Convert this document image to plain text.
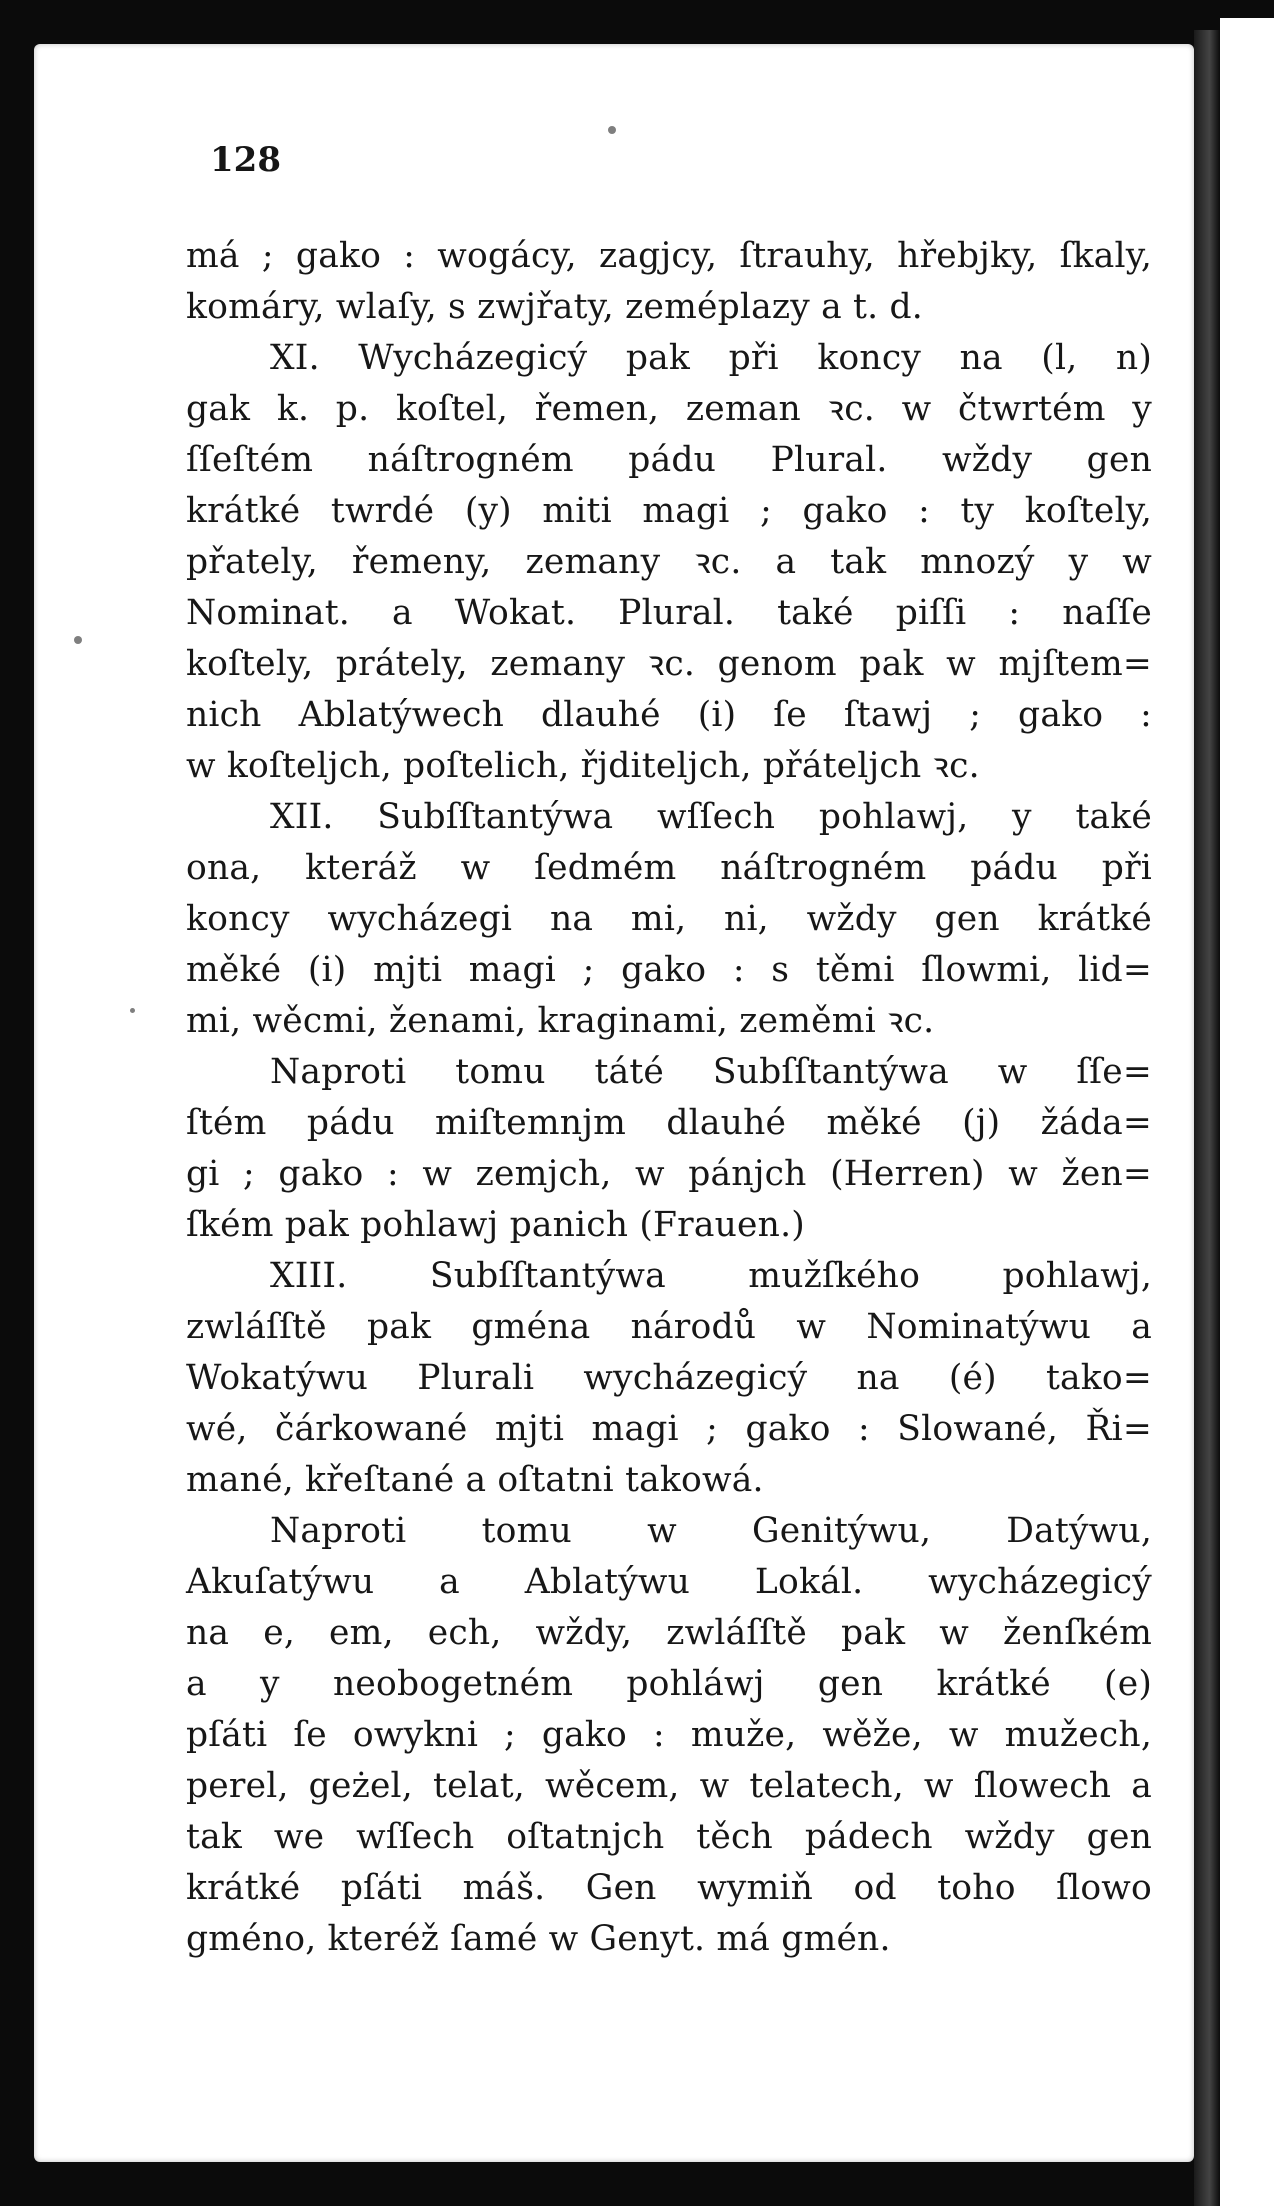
128
má ; gako : wogácy, zagjcy, ſtrauhy, hřebjky, ſkaly,
komáry, wlaſy, s zwjřaty, zeméplazy a t. d.
XI. Wycházegicý pak při koncy na (l, n)
gak k. p. koſtel, řemen, zeman ꝛc. w čtwrtém y
ſſeſtém náſtrogném pádu Plural. wždy gen
krátké twrdé (y) miti magi ; gako : ty koſtely,
přately, řemeny, zemany ꝛc. a tak mnozý y w
Nominat. a Wokat. Plural. také piſſi : naſſe
koſtely, prátely, zemany ꝛc. genom pak w mjſtem=
nich Ablatýwech dlauhé (i) ſe ſtawj ; gako :
w koſteljch, poſtelich, řjditeljch, přáteljch ꝛc.
XII. Subſſtantýwa wſſech pohlawj, y také
ona, kteráž w ſedmém náſtrogném pádu při
koncy wycházegi na mi, ni, wždy gen krátké
měké (i) mjti magi ; gako : s těmi ſlowmi, lid=
mi, wěcmi, ženami, kraginami, zeměmi ꝛc.
Naproti tomu táté Subſſtantýwa w ſſe=
ſtém pádu miſtemnjm dlauhé měké (j) žáda=
gi ; gako : w zemjch, w pánjch (Herren) w žen=
ſkém pak pohlawj panich (Frauen.)
XIII. Subſſtantýwa mužſkého pohlawj,
zwláſſtě pak gména národů w Nominatýwu a
Wokatýwu Plurali wycházegicý na (é) tako=
wé, čárkowané mjti magi ; gako : Slowané, Ři=
mané, křeſtané a oſtatni takowá.
Naproti tomu w Genitýwu, Datýwu,
Akuſatýwu a Ablatýwu Lokál. wycházegicý
na e, em, ech, wždy, zwláſſtě pak w ženſkém
a y neobogetném pohláwj gen krátké (e)
pſáti ſe owykni ; gako : muže, wěže, w mužech,
perel, geżel, telat, wěcem, w telatech, w ſlowech a
tak we wſſech oſtatnjch těch pádech wždy gen
krátké pſáti máš. Gen wymiň od toho ſlowo
gméno, kteréž ſamé w Genyt. má gmén.
